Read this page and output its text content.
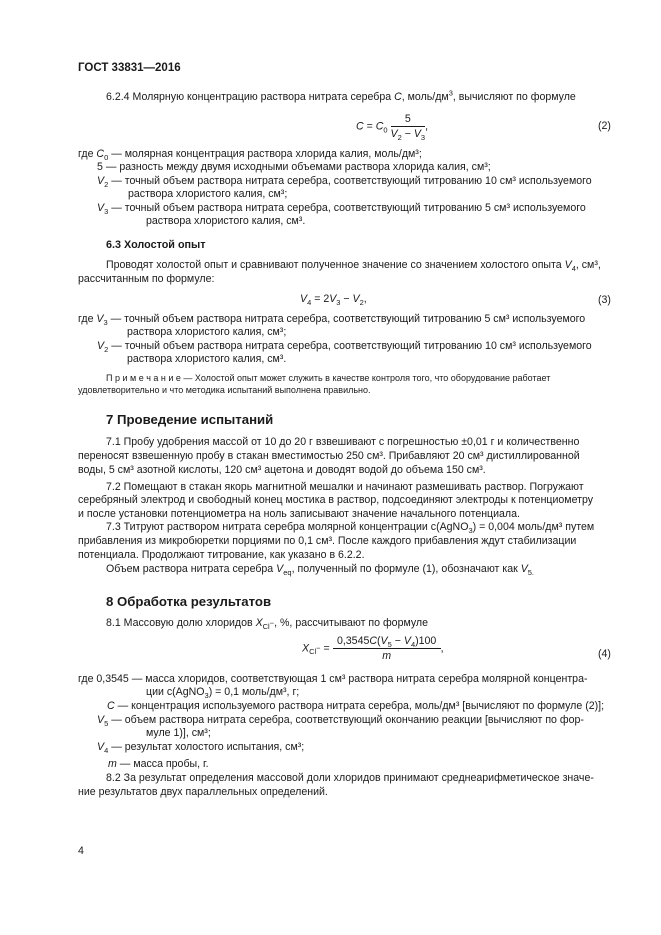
ГОСТ 33831—2016
6.2.4 Молярную концентрацию раствора нитрата серебра C, моль/$дм^3$, вычисляют по формуле
$C = C_0 \frac{5}{V_2 - V_3}$ ,	(2)
где $C_0$ — молярная концентрация раствора хлорида калия, моль/дм³;
5 — разность между двумя исходными объемами раствора хлорида калия, см³;
$V_2$ — точный объем раствора нитрата серебра, соответствующий титрованию 10 см³ используемого
раствора хлористого калия, см³;
$V_3$ — точный объем раствора нитрата серебра, соответствующий титрованию 5 см³ используемого
раствора хлористого калия, см³.
6.3 Холостой опыт
Проводят холостой опыт и сравнивают полученное значение со значением холостого опыта $V_4$, см³,
рассчитанным по формуле:
$V_4 = 2V_3 - V_2$,	(3)
где $V_3$ — точный объем раствора нитрата серебра, соответствующий титрованию 5 см³ используемого
раствора хлористого калия, см³;
$V_2$ — точный объем раствора нитрата серебра, соответствующий титрованию 10 см³ используемого
раствора хлористого калия, см³.
П р и м е ч а н и е — Холостой опыт может служить в качестве контроля того, что оборудование работает
удовлетворительно и что методика испытаний выполнена правильно.
7 Проведение испытаний
7.1 Пробу удобрения массой от 10 до 20 г взвешивают с погрешностью ±0,01 г и количественно
переносят взвешенную пробу в стакан вместимостью 250 см³. Прибавляют 20 см³ дистиллированной
воды, 5 см³ азотной кислоты, 120 см³ ацетона и доводят водой до объема 150 см³.
7.2 Помещают в стакан якорь магнитной мешалки и начинают размешивать раствор. Погружают
серебряный электрод и свободный конец мостика в раствор, подсоединяют электроды к потенциометру
и после установки потенциометра на ноль записывают значение начального потенциала.
7.3 Титруют раствором нитрата серебра молярной концентрации c(AgNO$_3$) = 0,004 моль/дм³ путем
прибавления из микробюретки порциями по 0,1 см³. После каждого прибавления ждут стабилизации
потенциала. Продолжают титрование, как указано в 6.2.2.
Объем раствора нитрата серебра $V_{eq}$, полученный по формуле (1), обозначают как $V_{5.}$
8 Обработка результатов
8.1 Массовую долю хлоридов $X_{Cl^-}$, %, рассчитывают по формуле
$X_{Cl^-} = \frac{0,3545C(V_5 - V_4)100}{m}$ ,	(4)
где 0,3545 — масса хлоридов, соответствующая 1 см³ раствора нитрата серебра молярной концентра-
ции c(AgNO$_3$) = 0,1 моль/дм³, г;
C — концентрация используемого раствора нитрата серебра, моль/дм³ [вычисляют по формуле (2)];
$V_5$ — объем раствора нитрата серебра, соответствующий окончанию реакции [вычисляют по фор-
муле 1)], см³;
$V_4$ — результат холостого испытания, см³;
m — масса пробы, г.
8.2 За результат определения массовой доли хлоридов принимают среднеарифметическое значе-
ние результатов двух параллельных определений.
4
